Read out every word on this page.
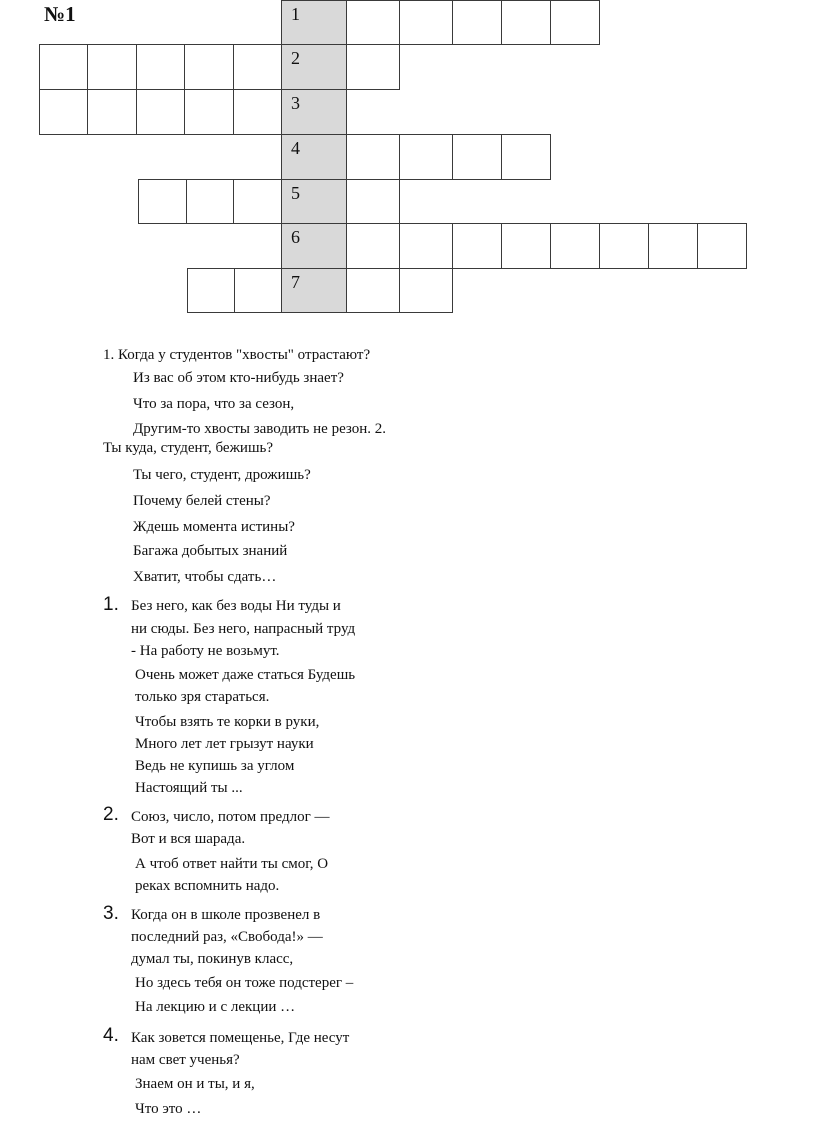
№1	1
2
3
4
5
6
7
1. Когда у студентов "хвосты" отрастают?
Из вас об этом кто-нибудь знает?
Что за пора, что за сезон,
Другим-то хвосты заводить не резон. 2.
Ты куда, студент, бежишь?
Ты чего, студент, дрожишь?
Почему белей стены?
Ждешь момента истины?
Багажа добытых знаний
Хватит, чтобы сдать…
1. Без него, как без воды Ни туды и
ни сюды. Без него, напрасный труд
- На работу не возьмут.
Очень может даже статься Будешь
только зря стараться.
Чтобы взять те корки в руки,
Много лет лет грызут науки
Ведь не купишь за углом
Настоящий ты ...
2. Союз, число, потом предлог —
Вот и вся шарада.
А чтоб ответ найти ты смог, О
реках вспомнить надо.
3. Когда он в школе прозвенел в
последний раз, «Свобода!» —
думал ты, покинув класс,
Но здесь тебя он тоже подстерег –
На лекцию и с лекции …
4. Как зовется помещенье, Где несут
нам свет ученья?
Знаем он и ты, и я,
Что это …
